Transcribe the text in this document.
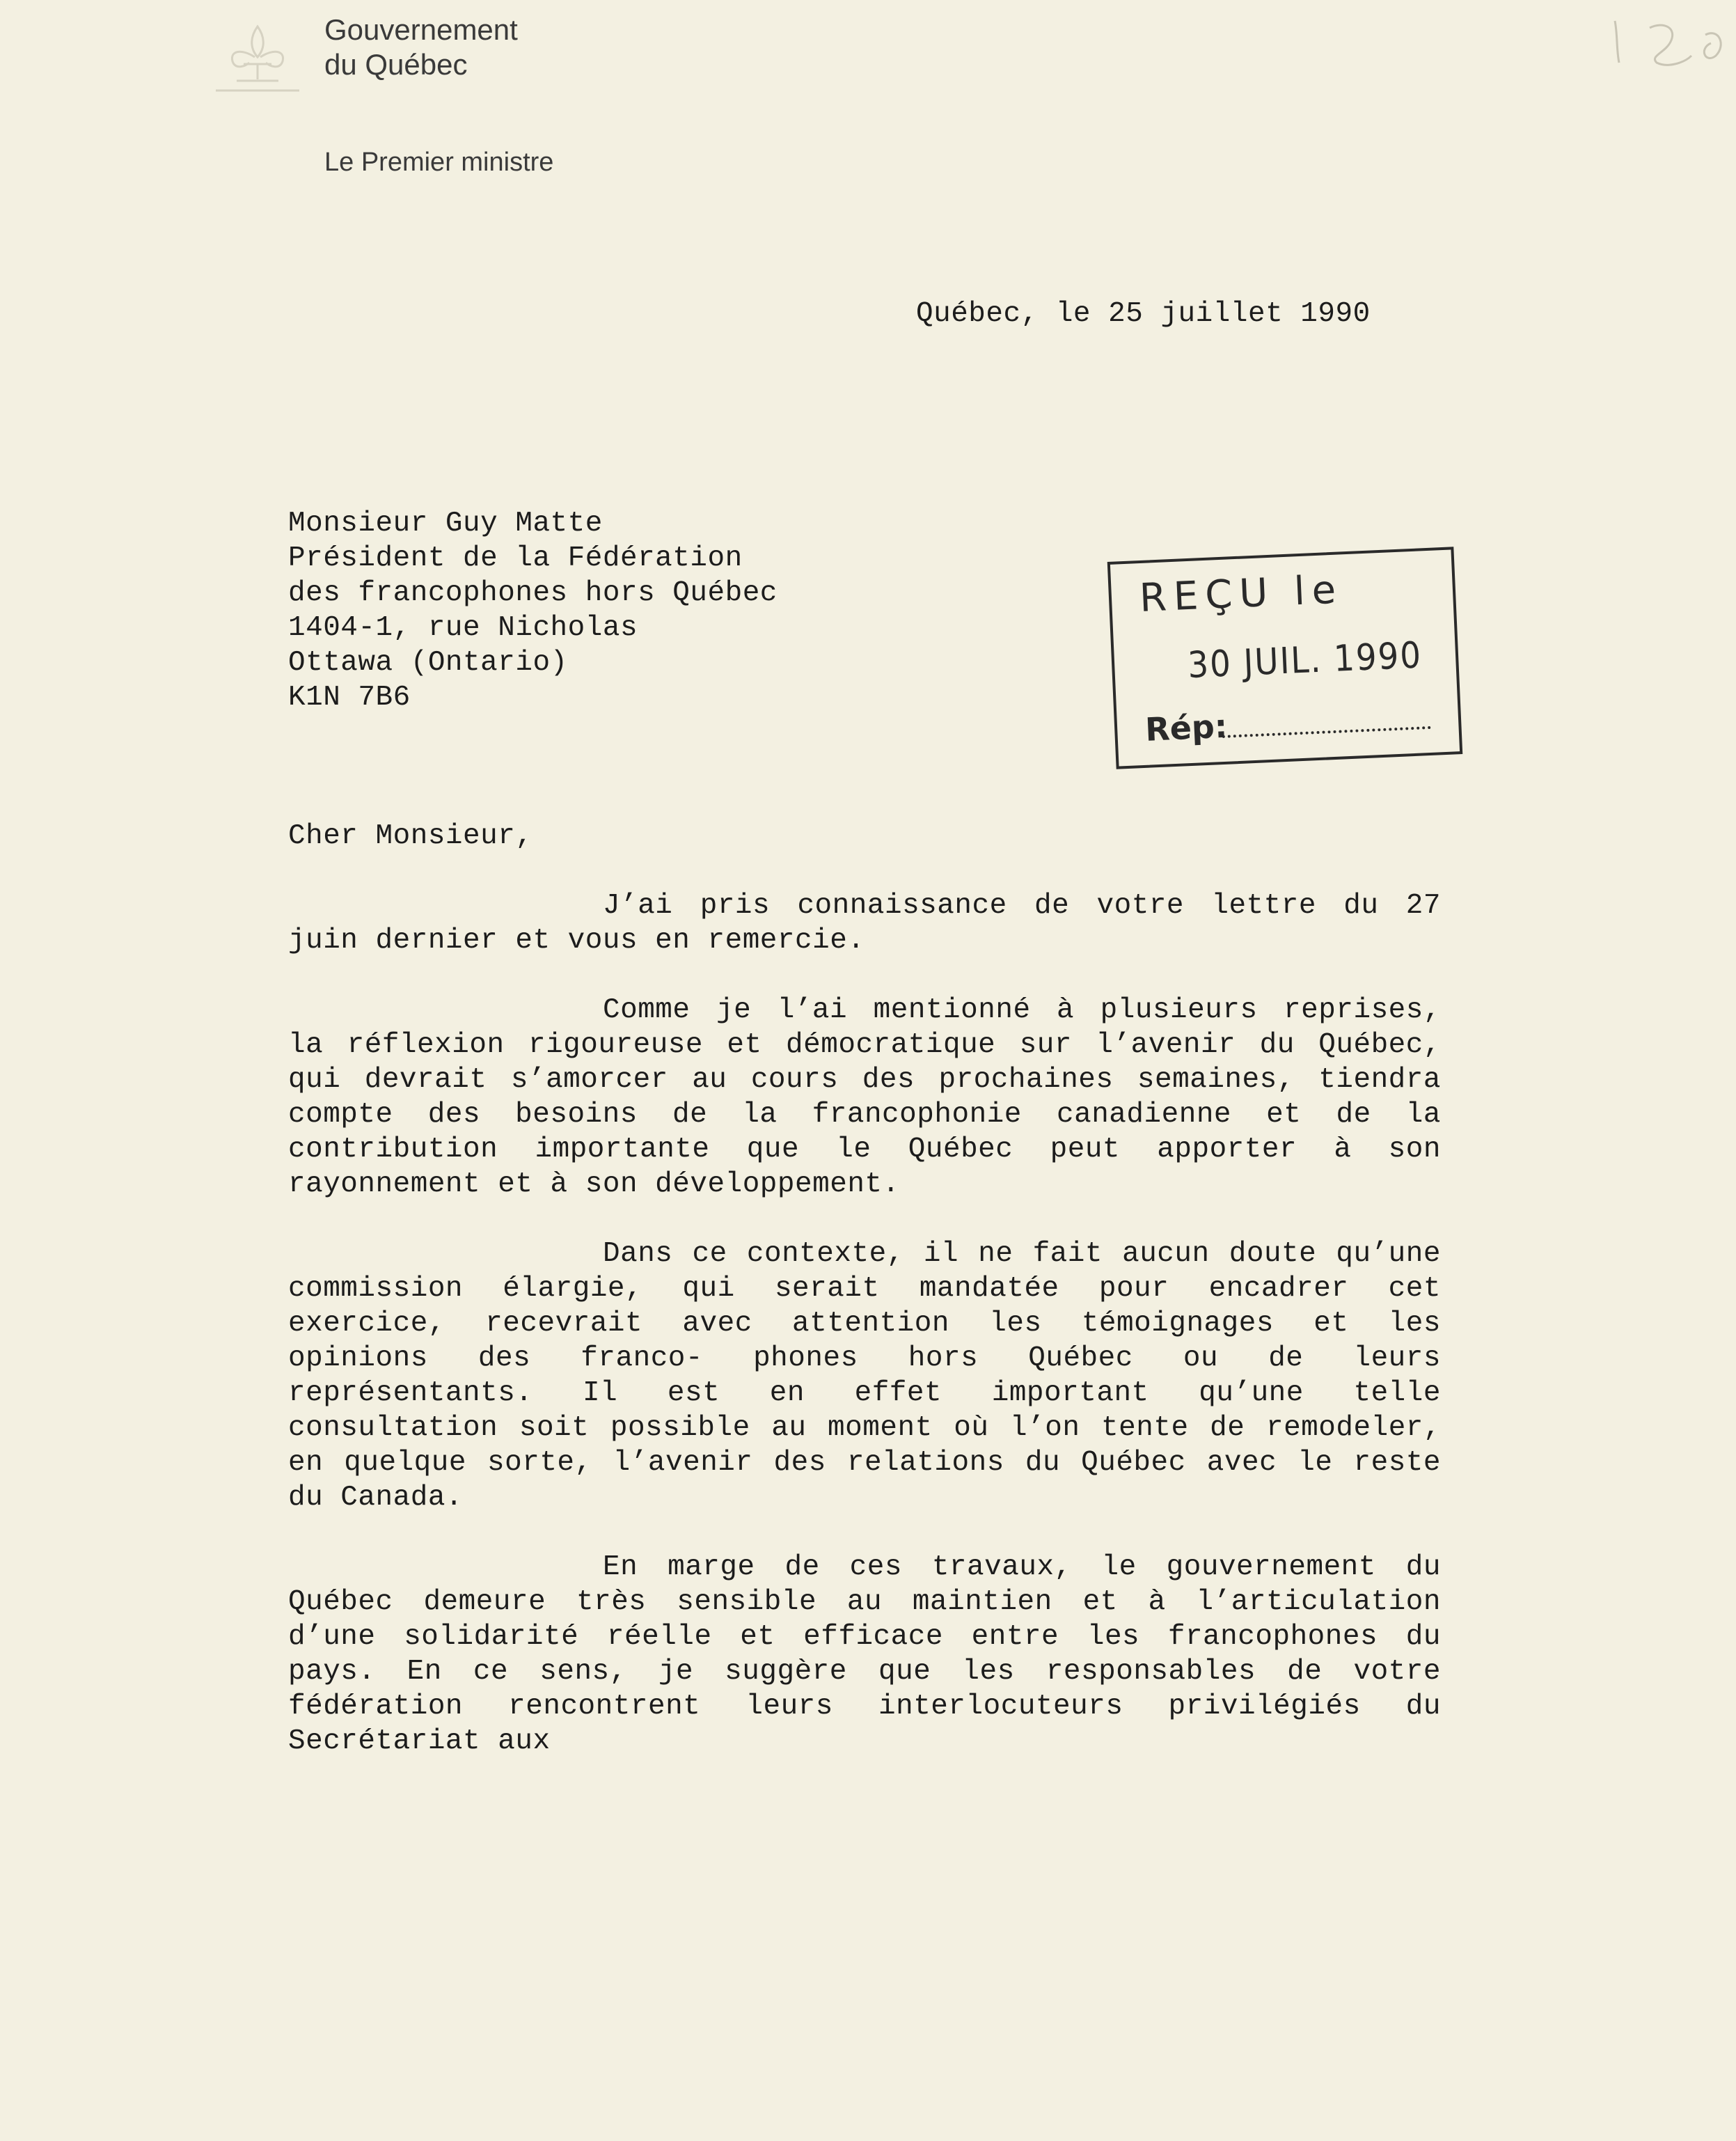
Gouvernement
du Québec
Le Premier ministre
Québec, le 25 juillet 1990
Monsieur Guy Matte
Président de la Fédération
des francophones hors Québec
1404-1, rue Nicholas
Ottawa (Ontario)
K1N 7B6
REÇU le
30 JUIL. 1990
Rép:
Cher Monsieur,

J’ai pris connaissance de votre lettre du 27 juin dernier et vous en remercie.

Comme je l’ai mentionné à plusieurs reprises, la réflexion rigoureuse et démocratique sur l’avenir du Québec, qui devrait s’amorcer au cours des prochaines semaines, tiendra compte des besoins de la francophonie canadienne et de la contribution importante que le Québec peut apporter à son rayonnement et à son développement.

Dans ce contexte, il ne fait aucun doute qu’une commission élargie, qui serait mandatée pour encadrer cet exercice, recevrait avec attention les témoignages et les opinions des franco- phones hors Québec ou de leurs représentants. Il est en effet important qu’une telle consultation soit possible au moment où l’on tente de remodeler, en quelque sorte, l’avenir des relations du Québec avec le reste du Canada.

En marge de ces travaux, le gouvernement du Québec demeure très sensible au maintien et à l’articulation d’une solidarité réelle et efficace entre les francophones du pays. En ce sens, je suggère que les responsables de votre fédération rencontrent leurs interlocuteurs privilégiés du Secrétariat aux
